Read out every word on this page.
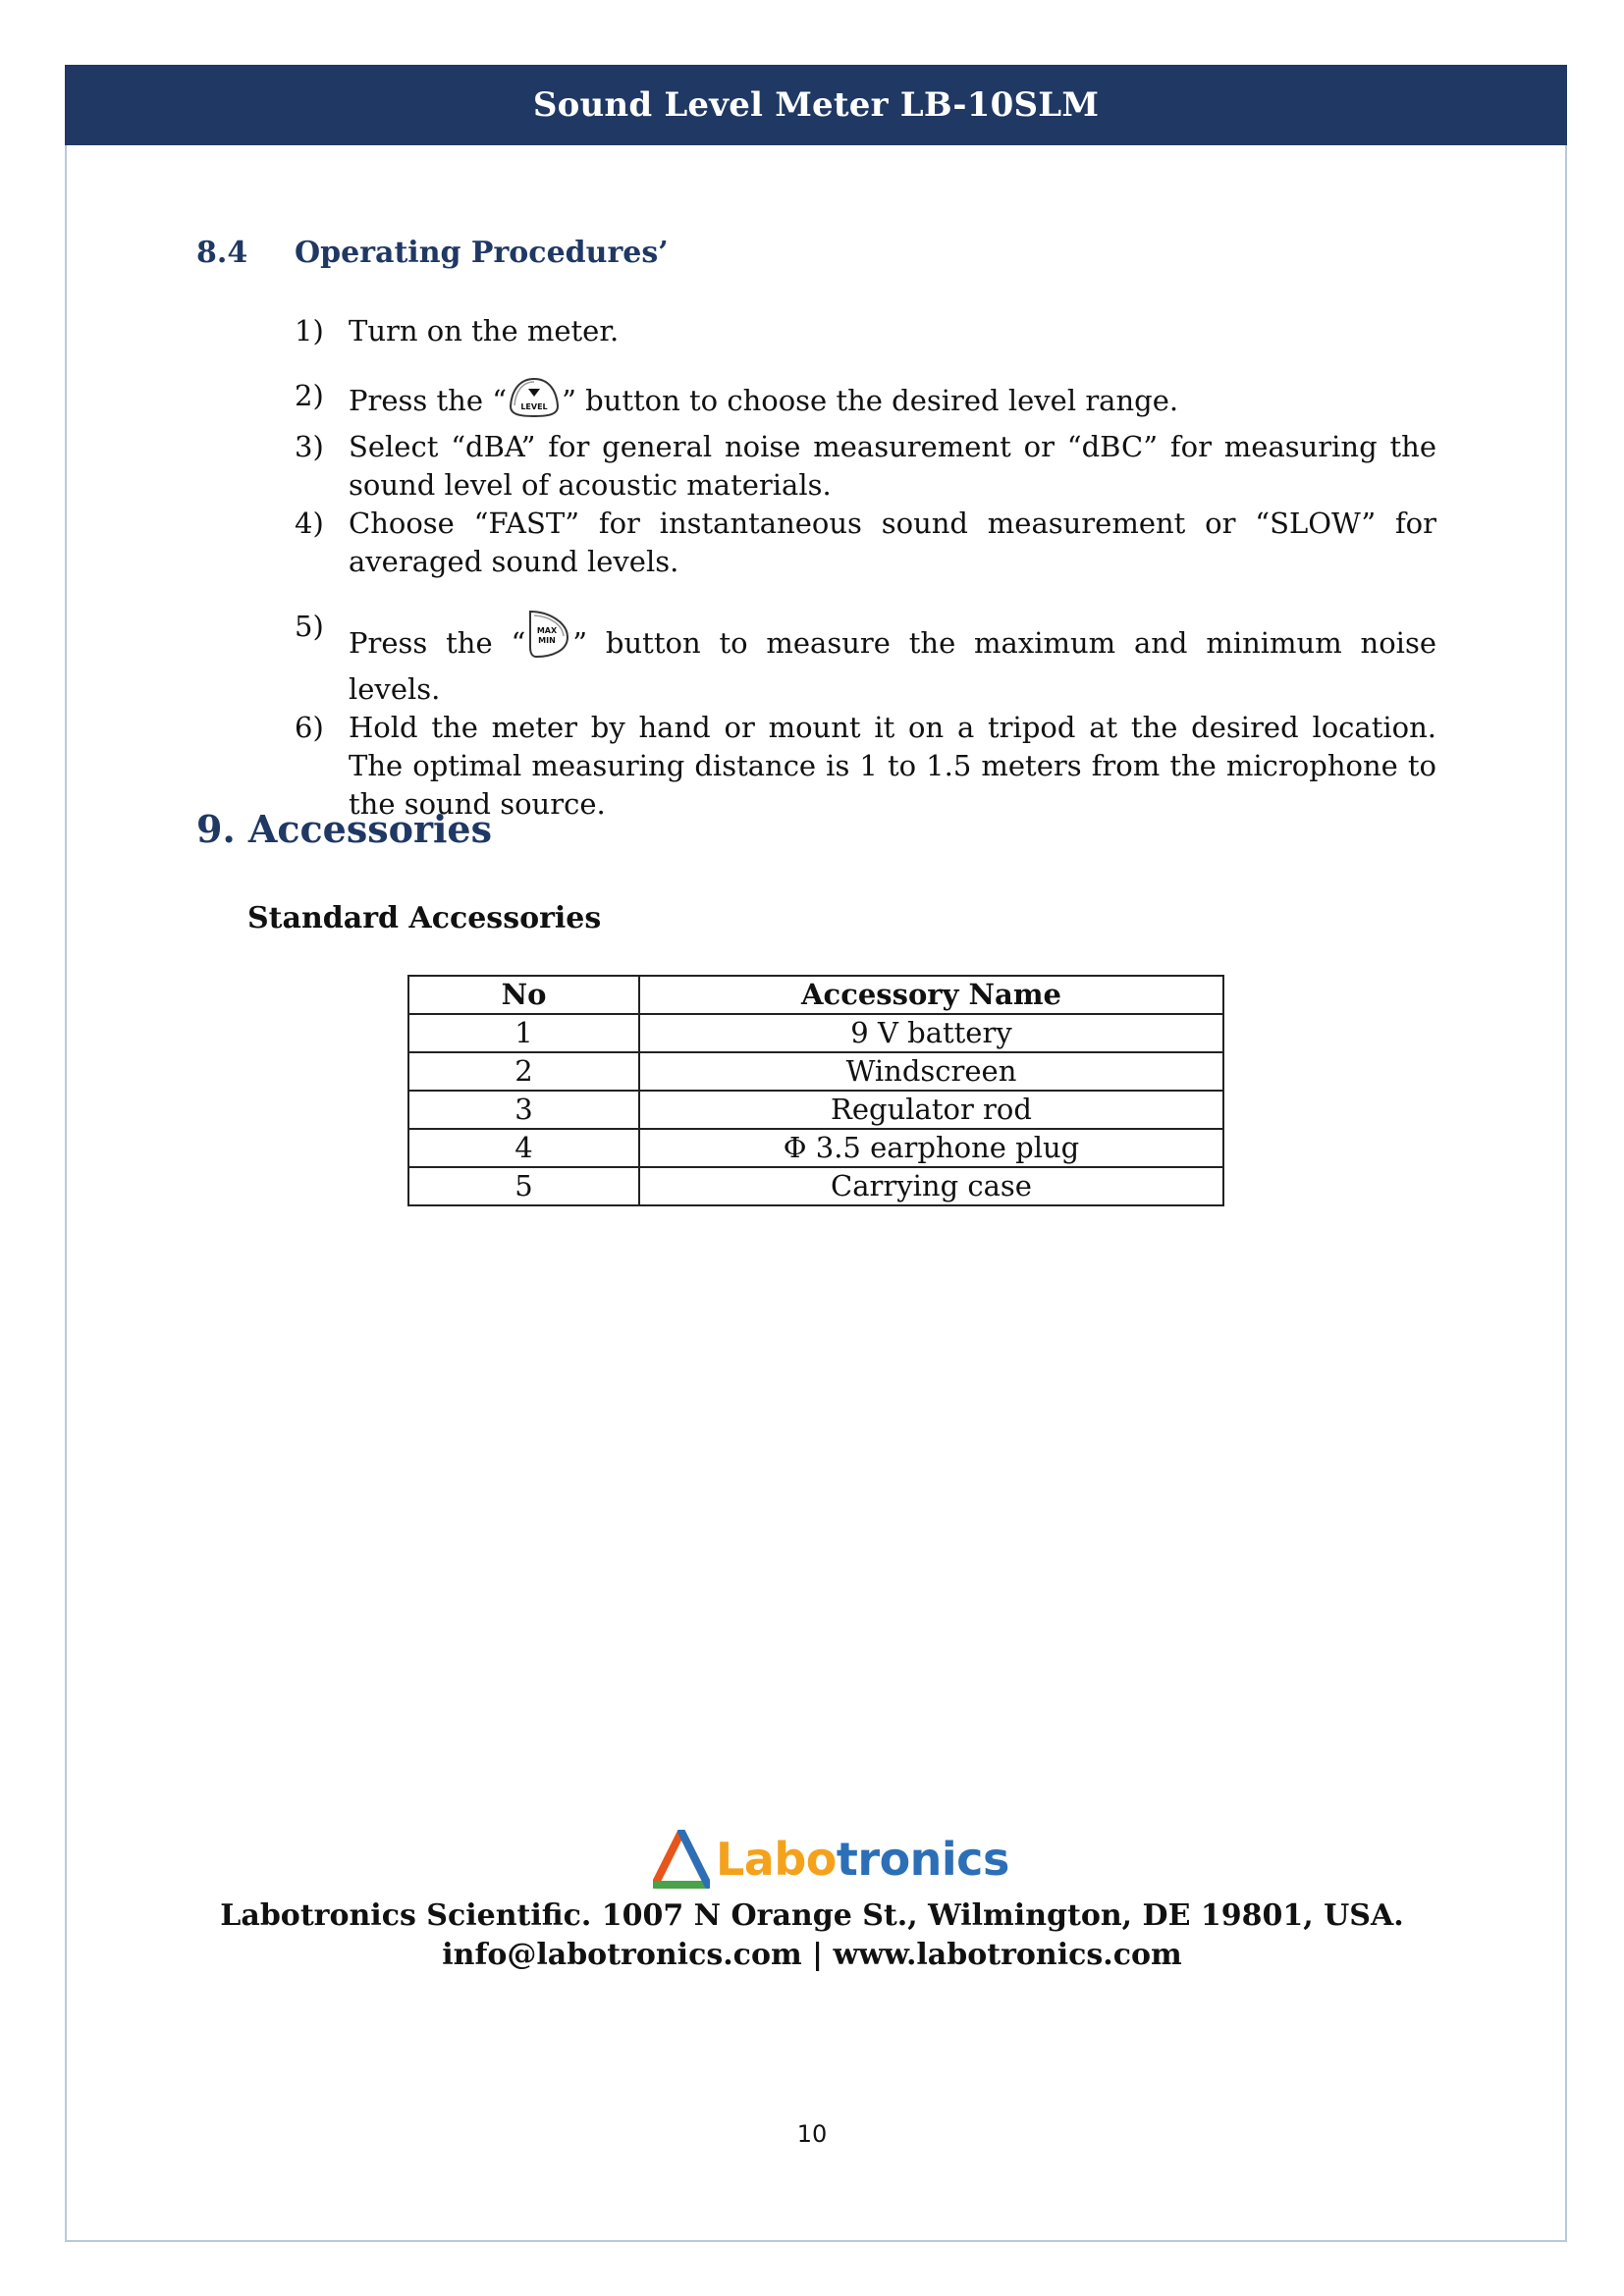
Sound Level Meter LB-10SLM
8.4	Operating Procedures’
1) Turn on the meter.
2) Press the “ LEVEL ” button to choose the desired level range.
3) Select “dBA” for general noise measurement or “dBC” for measuring the sound level of acoustic materials.
4) Choose “FAST” for instantaneous sound measurement or “SLOW” for averaged sound levels.
5) Press the “ MAX
MIN ” button to measure the maximum and minimum noise levels.
6) Hold the meter by hand or mount it on a tripod at the desired location. The optimal measuring distance is 1 to 1.5 meters from the microphone to the sound source.
9. Accessories
Standard Accessories
No	Accessory Name
1	9 V battery
2	Windscreen
3	Regulator rod
4	Φ 3.5 earphone plug
5	Carrying case
Labotronics
Labotronics Scientific. 1007 N Orange St., Wilmington, DE 19801, USA.
info@labotronics.com | www.labotronics.com
10
